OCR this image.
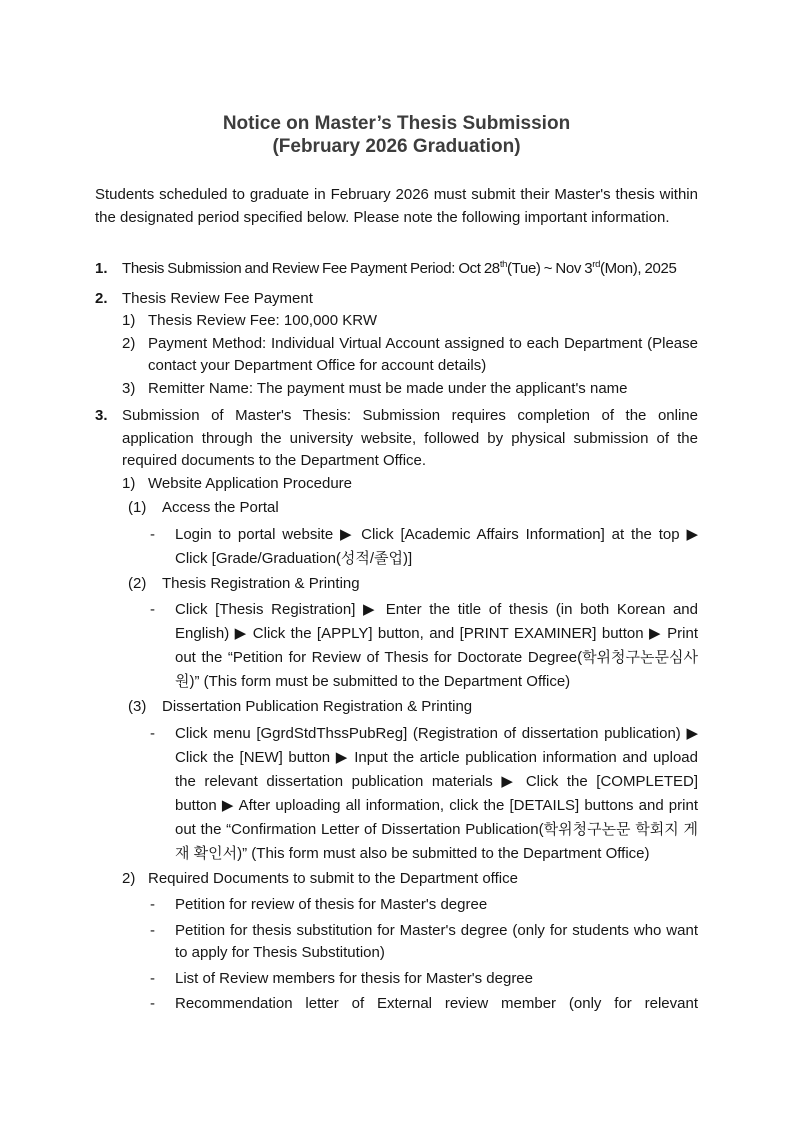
Notice on Master’s Thesis Submission
(February 2026 Graduation)

Students scheduled to graduate in February 2026 must submit their Master's thesis within the designated period specified below. Please note the following important information.

1. Thesis Submission and Review Fee Payment Period: Oct 28th(Tue) ~ Nov 3rd(Mon), 2025
2. Thesis Review Fee Payment
1) Thesis Review Fee: 100,000 KRW
2) Payment Method: Individual Virtual Account assigned to each Department (Please contact your Department Office for account details)
3) Remitter Name: The payment must be made under the applicant's name
3. Submission of Master's Thesis: Submission requires completion of the online application through the university website, followed by physical submission of the required documents to the Department Office.
1) Website Application Procedure
(1)	Access the Portal
-	Login to portal website ▶ Click [Academic Affairs Information] at the top ▶ Click [Grade/Graduation(성적/졸업)]
(2)	Thesis Registration & Printing
-	Click [Thesis Registration] ▶ Enter the title of thesis (in both Korean and English) ▶ Click the [APPLY] button, and [PRINT EXAMINER] button ▶ Print out the “Petition for Review of Thesis for Doctorate Degree(학위청구논문심사원)” (This form must be submitted to the Department Office)
(3)	Dissertation Publication Registration & Printing
-	Click menu [GgrdStdThssPubReg] (Registration of dissertation publication) ▶ Click the [NEW] button ▶ Input the article publication information and upload the relevant dissertation publication materials ▶ Click the [COMPLETED] button ▶ After uploading all information, click the [DETAILS] buttons and print out the “Confirmation Letter of Dissertation Publication(학위청구논문 학회지 게재 확인서)” (This form must also be submitted to the Department Office)
2) Required Documents to submit to the Department office
-	Petition for review of thesis for Master's degree
-	Petition for thesis substitution for Master's degree (only for students who want to apply for Thesis Substitution)
-	List of Review members for thesis for Master's degree
-	Recommendation letter of External review member (only for relevant
